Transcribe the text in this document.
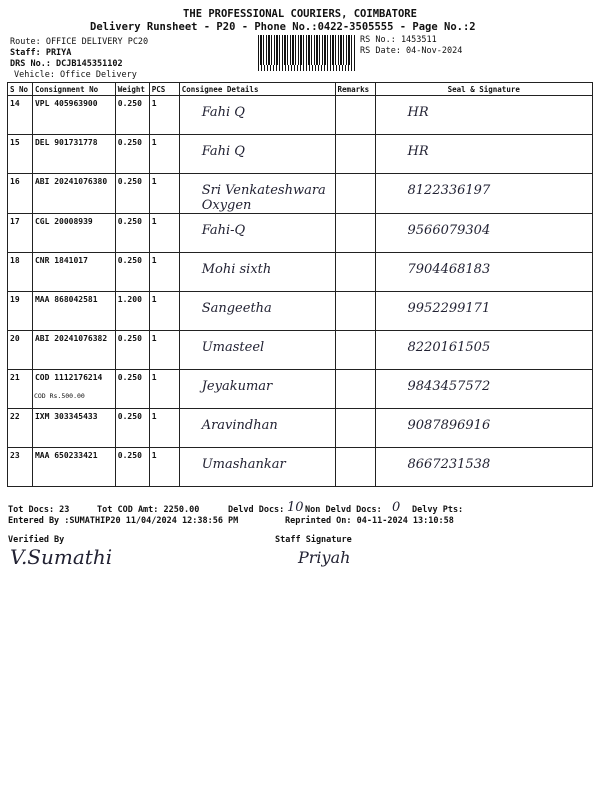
THE PROFESSIONAL COURIERS, COIMBATORE
Delivery Runsheet - P20 - Phone No.:0422-3505555 - Page No.:2
Route: OFFICE DELIVERY PC20
Staff: PRIYA
DRS No.: DCJB145351102
Vehicle: Office Delivery
RS No.: 1453511
RS Date: 04-Nov-2024
S No	Consignment No	Weight	PCS	Consignee Details	Remarks	Seal & Signature
14	VPL 405963900	0.250	1	Fahi Q		HR

15	DEL 901731778	0.250	1	Fahi Q		HR

16	ABI 20241076380	0.250	1	Sri Venkateshwara Oxygen		8122336197

17	CGL 20008939	0.250	1	Fahi-Q		9566079304

18	CNR 1841017	0.250	1	Mohi sixth		7904468183

19	MAA 868042581	1.200	1	Sangeetha		9952299171

20	ABI 20241076382	0.250	1	Umasteel		8220161505

21	COD 1112176214
COD Rs.500.00	0.250	1	Jeyakumar		9843457572

22	IXM 303345433	0.250	1	Aravindhan		9087896916

23	MAA 650233421	0.250	1	Umashankar		8667231538
Tot Docs: 23	Tot COD Amt: 2250.00	Delvd Docs: 10 Non Delvd Docs: 0 Delvy Pts:
Entered By :SUMATHIP20 11/04/2024 12:38:56 PM	Reprinted On: 04-11-2024 13:10:58
Verified By
V.Sumathi
Staff Signature
Priyah
